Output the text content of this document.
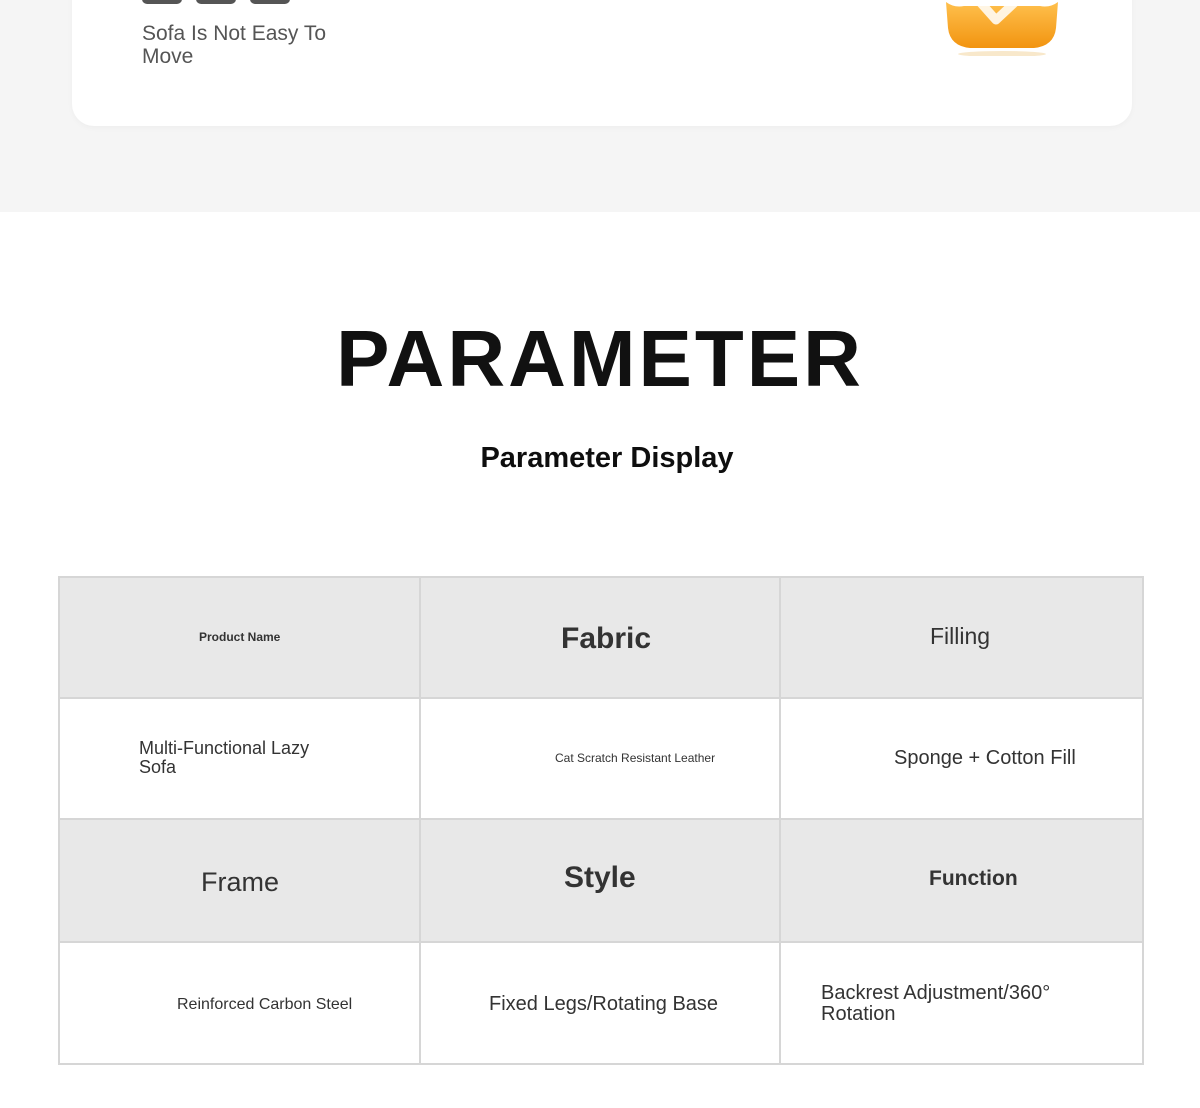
Sofa Is Not Easy To Move
PARAMETER
Parameter Display
Product Name	Fabric	Filling

Multi-Functional Lazy Sofa	Cat Scratch Resistant Leather	Sponge + Cotton Fill

Frame	Style	Function

Reinforced Carbon Steel	Fixed Legs/Rotating Base	Backrest Adjustment/360° Rotation
